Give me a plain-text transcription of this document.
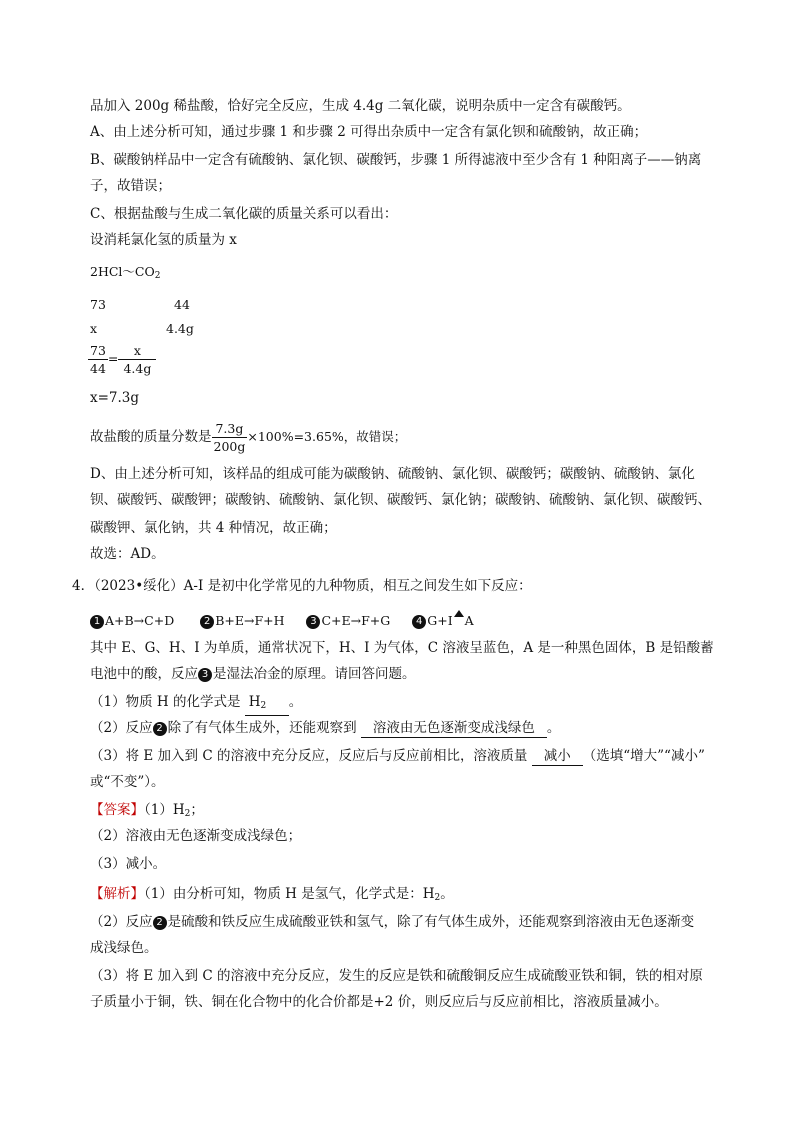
品加入 200g 稀盐酸，恰好完全反应，生成 4.4g 二氧化碳，说明杂质中一定含有碳酸钙。
A、由上述分析可知，通过步骤 1 和步骤 2 可得出杂质中一定含有氯化钡和硫酸钠，故正确；
B、碳酸钠样品中一定含有硫酸钠、氯化钡、碳酸钙，步骤 1 所得滤液中至少含有 1 种阳离子——钠离
子，故错误；
C、根据盐酸与生成二氧化碳的质量关系可以看出：
设消耗氯化氢的质量为 x
$2HCl\sim CO_2$
73	44
x	4.4g
$\frac{73}{44} = \frac{x}{4.4g}$
x=7.3g
故盐酸的质量分数是 $\frac{7.3g}{200g} \times 100\%=3.65\%$，故错误；
D、由上述分析可知，该样品的组成可能为碳酸钠、硫酸钠、氯化钡、碳酸钙；碳酸钠、硫酸钠、氯化
钡、碳酸钙、碳酸钾；碳酸钠、硫酸钠、氯化钡、碳酸钙、氯化钠；碳酸钠、硫酸钠、氯化钡、碳酸钙、
碳酸钾、氯化钠，共 4 种情况，故正确；
故选：AD。
4．（2023•绥化）A-I 是初中化学常见的九种物质，相互之间发生如下反应：
1 A+B→C+D	2 B+E→F+H	3 C+E→F+G	4 G+I A
其中 E、G、H、I 为单质，通常状况下，H、I 为气体，C 溶液呈蓝色，A 是一种黑色固体，B 是铅酸蓄
电池中的酸，反应 3 是湿法冶金的原理。请回答问题。
（1）物质 H 的化学式是 $H_2$ 。
（2）反应 2 除了有气体生成外，还能观察到 溶液由无色逐渐变成浅绿色 。
（3）将 E 加入到 C 的溶液中充分反应，反应后与反应前相比，溶液质量 减小 （选填“增大”“减小”
或“不变”）。
【答案】$(1)H_2$；
（2）溶液由无色逐渐变成浅绿色；
（3）减小。
【解析】（1）由分析可知，物质 H 是氢气，化学式是：$H_2$。
（2）反应 2 是硫酸和铁反应生成硫酸亚铁和氢气，除了有气体生成外，还能观察到溶液由无色逐渐变
成浅绿色。
（3）将 E 加入到 C 的溶液中充分反应，发生的反应是铁和硫酸铜反应生成硫酸亚铁和铜，铁的相对原
子质量小于铜，铁、铜在化合物中的化合价都是+2 价，则反应后与反应前相比，溶液质量减小。
